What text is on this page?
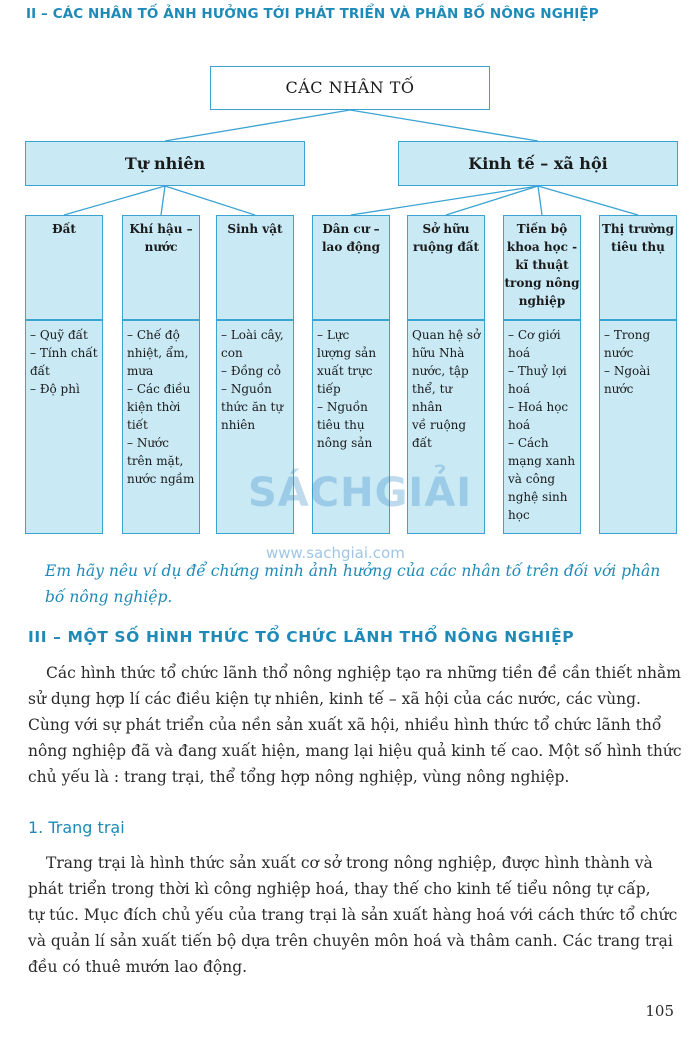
II – CÁC NHÂN TỐ ẢNH HƯỞNG TỚI PHÁT TRIỂN VÀ PHÂN BỐ NÔNG NGHIỆP
CÁC NHÂN TỐ
Tự nhiên	Kinh tế – xã hội
Đất
– Quỹ đất
– Tính chất
đất
– Độ phì
Khí hậu –
nước
– Chế độ
nhiệt, ẩm,
mưa
– Các điều
kiện thời
tiết
– Nước
trên mặt,
nước ngầm
Sinh vật
– Loài cây,
con
– Đồng cỏ
– Nguồn
thức ăn tự
nhiên
Dân cư –
lao động
– Lực
lượng sản
xuất trực
tiếp
– Nguồn
tiêu thụ
nông sản
Sở hữu
ruộng đất
Quan hệ sở
hữu Nhà
nước, tập
thể, tư nhân
về ruộng
đất
Tiến bộ
khoa học -
kĩ thuật
trong nông
nghiệp
– Cơ giới
hoá
– Thuỷ lợi
hoá
– Hoá học
hoá
– Cách
mạng xanh
và công
nghệ sinh
học
Thị trường
tiêu thụ
– Trong
nước
– Ngoài
nước
SÁCHGIẢI
www.sachgiai.com
Em hãy nêu ví dụ để chứng minh ảnh hưởng của các nhân tố trên đối với phân
bố nông nghiệp.
III – MỘT SỐ HÌNH THỨC TỔ CHỨC LÃNH THỔ NÔNG NGHIỆP
Các hình thức tổ chức lãnh thổ nông nghiệp tạo ra những tiền đề cần thiết nhằm
sử dụng hợp lí các điều kiện tự nhiên, kinh tế – xã hội của các nước, các vùng.
Cùng với sự phát triển của nền sản xuất xã hội, nhiều hình thức tổ chức lãnh thổ
nông nghiệp đã và đang xuất hiện, mang lại hiệu quả kinh tế cao. Một số hình thức
chủ yếu là : trang trại, thể tổng hợp nông nghiệp, vùng nông nghiệp.
1. Trang trại
Trang trại là hình thức sản xuất cơ sở trong nông nghiệp, được hình thành và
phát triển trong thời kì công nghiệp hoá, thay thế cho kinh tế tiểu nông tự cấp,
tự túc. Mục đích chủ yếu của trang trại là sản xuất hàng hoá với cách thức tổ chức
và quản lí sản xuất tiến bộ dựa trên chuyên môn hoá và thâm canh. Các trang trại
đều có thuê mướn lao động.
105
